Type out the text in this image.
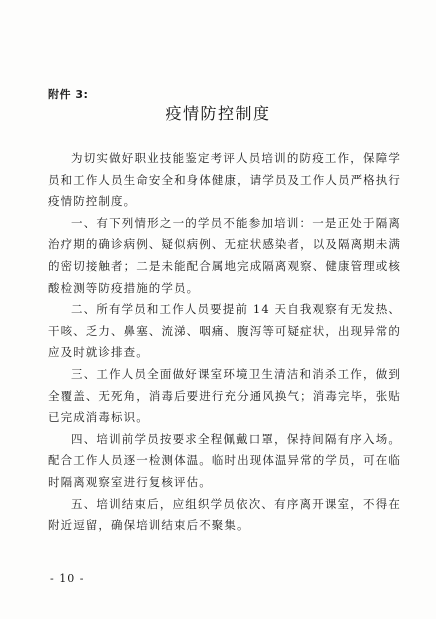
附件 3:
疫情防控制度

为切实做好职业技能鉴定考评人员培训的防疫工作，保障学员和工作人员生命安全和身体健康，请学员及工作人员严格执行疫情防控制度。

一、有下列情形之一的学员不能参加培训：一是正处于隔离治疗期的确诊病例、疑似病例、无症状感染者，以及隔离期未满的密切接触者；二是未能配合属地完成隔离观察、健康管理或核酸检测等防疫措施的学员。

二、所有学员和工作人员要提前 14 天自我观察有无发热、干咳、乏力、鼻塞、流涕、咽痛、腹泻等可疑症状，出现异常的应及时就诊排查。

三、工作人员全面做好课室环境卫生清洁和消杀工作，做到全覆盖、无死角，消毒后要进行充分通风换气；消毒完毕，张贴已完成消毒标识。

四、培训前学员按要求全程佩戴口罩，保持间隔有序入场。配合工作人员逐一检测体温。临时出现体温异常的学员，可在临时隔离观察室进行复核评估。

五、培训结束后，应组织学员依次、有序离开课室，不得在附近逗留，确保培训结束后不聚集。

- 10 -
